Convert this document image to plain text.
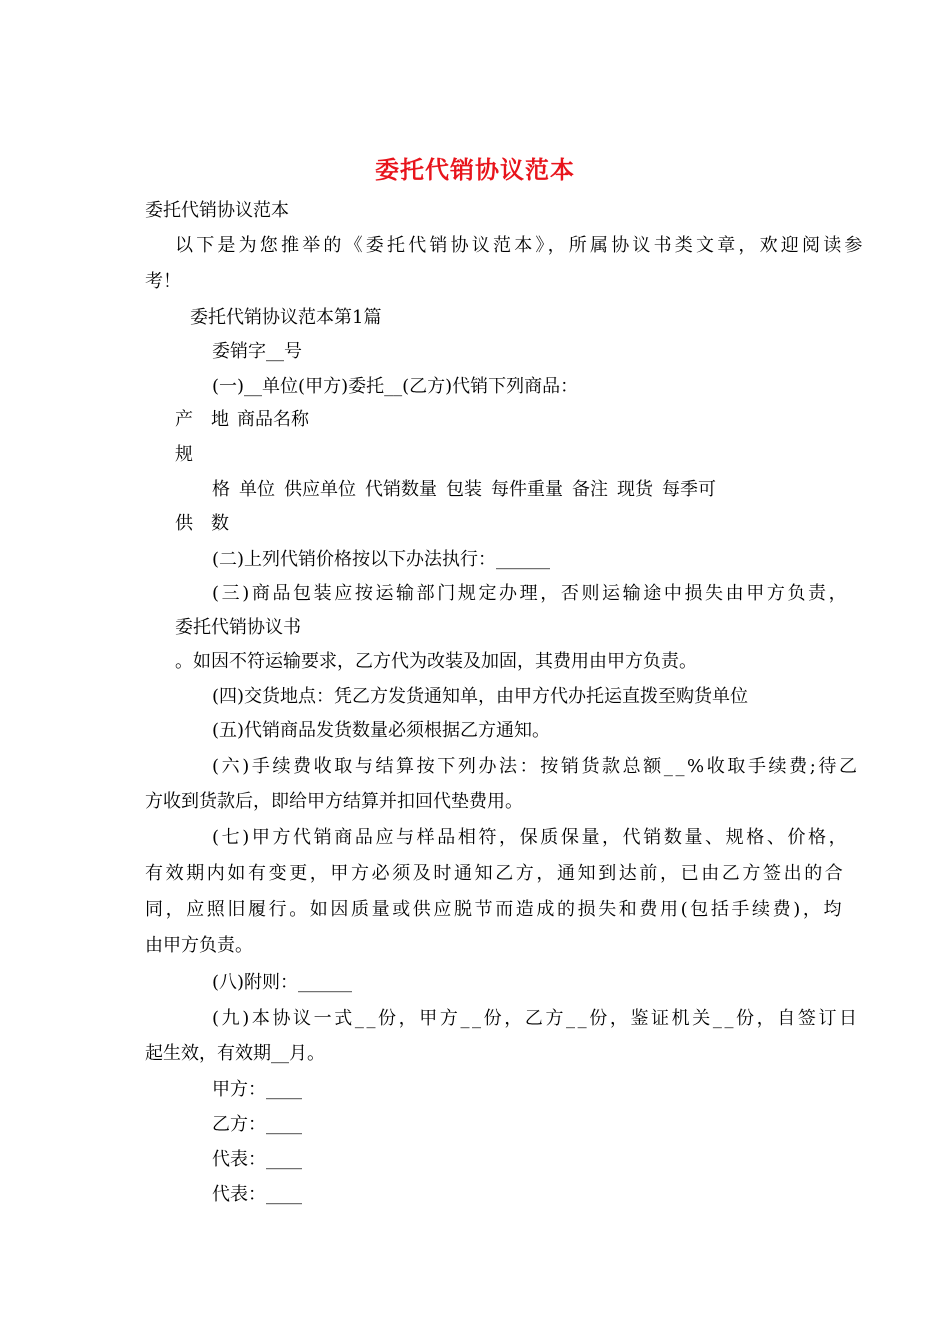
委托代销协议范本
委托代销协议范本
以下是为您推举的《委托代销协议范本》，所属协议书类文章，欢迎阅读参
考！
委托代销协议范本第1篇
委销字__号
(一)__单位(甲方)委托__(乙方)代销下列商品：
产 地 商品名称
规
格 单位 供应单位 代销数量 包装 每件重量 备注 现货 每季可
供 数
(二)上列代销价格按以下办法执行：______
(三)商品包装应按运输部门规定办理，否则运输途中损失由甲方负责，
委托代销协议书
。如因不符运输要求，乙方代为改装及加固，其费用由甲方负责。
(四)交货地点：凭乙方发货通知单，由甲方代办托运直拨至购货单位
(五)代销商品发货数量必须根据乙方通知。
(六)手续费收取与结算按下列办法：按销货款总额__%收取手续费;待乙
方收到货款后，即给甲方结算并扣回代垫费用。
(七)甲方代销商品应与样品相符，保质保量，代销数量、规格、价格，
有效期内如有变更，甲方必须及时通知乙方，通知到达前，已由乙方签出的合
同，应照旧履行。如因质量或供应脱节而造成的损失和费用(包括手续费)，均
由甲方负责。
(八)附则：______
(九)本协议一式__份，甲方__份，乙方__份，鉴证机关__份，自签订日
起生效，有效期__月。
甲方：____
乙方：____
代表：____
代表：____
